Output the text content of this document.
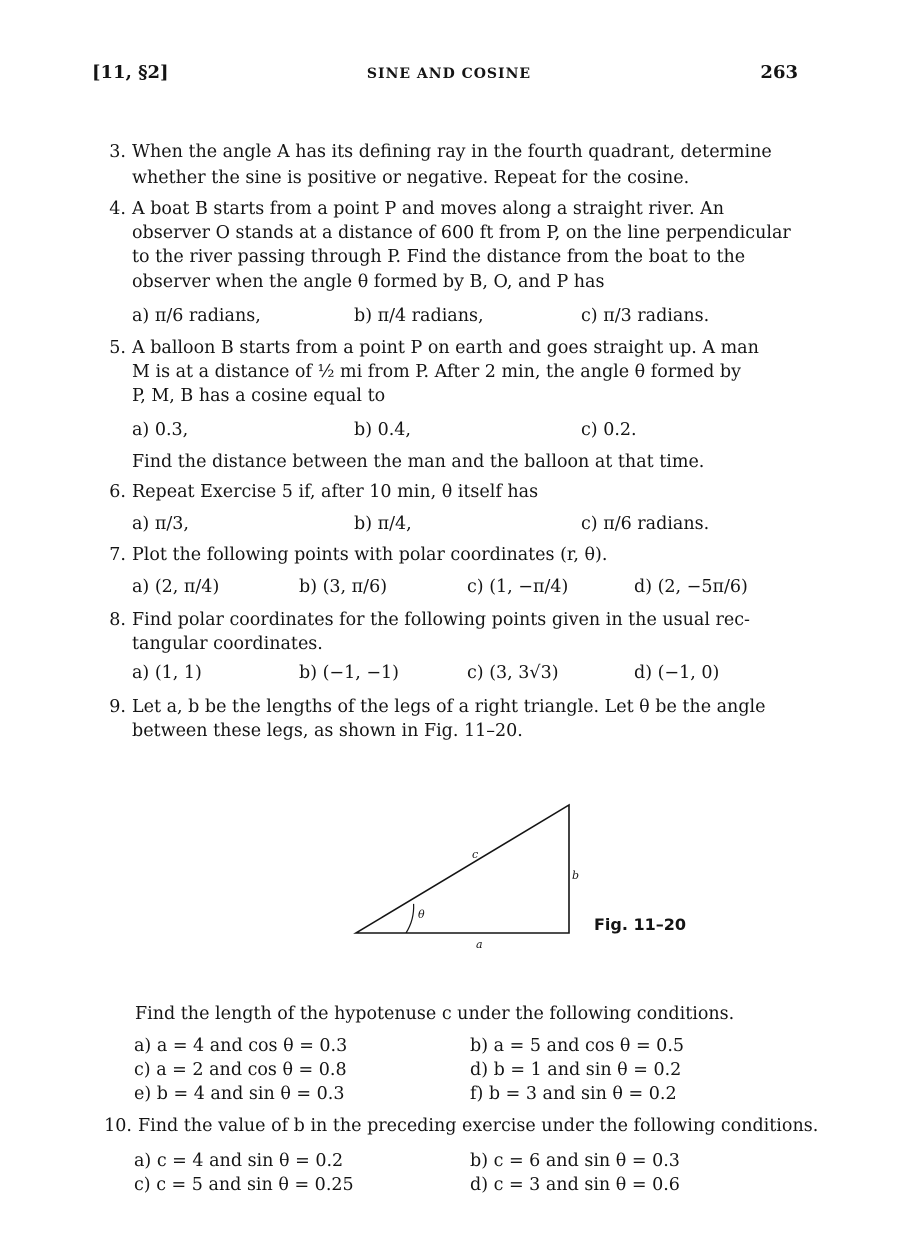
[11, §2]	SINE AND COSINE	263
3. When the angle A has its defining ray in the fourth quadrant, determine
whether the sine is positive or negative. Repeat for the cosine.
4. A boat B starts from a point P and moves along a straight river. An
observer O stands at a distance of 600 ft from P, on the line perpendicular
to the river passing through P. Find the distance from the boat to the
observer when the angle θ formed by B, O, and P has
a) π/6 radians,	b) π/4 radians,	c) π/3 radians.
5. A balloon B starts from a point P on earth and goes straight up. A man
M is at a distance of ½ mi from P. After 2 min, the angle θ formed by
P, M, B has a cosine equal to
a) 0.3,	b) 0.4,	c) 0.2.
Find the distance between the man and the balloon at that time.
6. Repeat Exercise 5 if, after 10 min, θ itself has
a) π/3,	b) π/4,	c) π/6 radians.
7. Plot the following points with polar coordinates (r, θ).
a) (2, π/4)	b) (3, π/6)	c) (1, −π/4)	d) (2, −5π/6)
8. Find polar coordinates for the following points given in the usual rec-
tangular coordinates.
a) (1, 1)	b) (−1, −1)	c) (3, 3√3)	d) (−1, 0)
9. Let a, b be the lengths of the legs of a right triangle. Let θ be the angle
between these legs, as shown in Fig. 11–20.
θ
c
b
a
Fig. 11–20
Find the length of the hypotenuse c under the following conditions.
a) a = 4 and cos θ = 0.3	b) a = 5 and cos θ = 0.5
c) a = 2 and cos θ = 0.8	d) b = 1 and sin θ = 0.2
e) b = 4 and sin θ = 0.3	f) b = 3 and sin θ = 0.2
10. Find the value of b in the preceding exercise under the following conditions.
a) c = 4 and sin θ = 0.2	b) c = 6 and sin θ = 0.3
c) c = 5 and sin θ = 0.25	d) c = 3 and sin θ = 0.6
